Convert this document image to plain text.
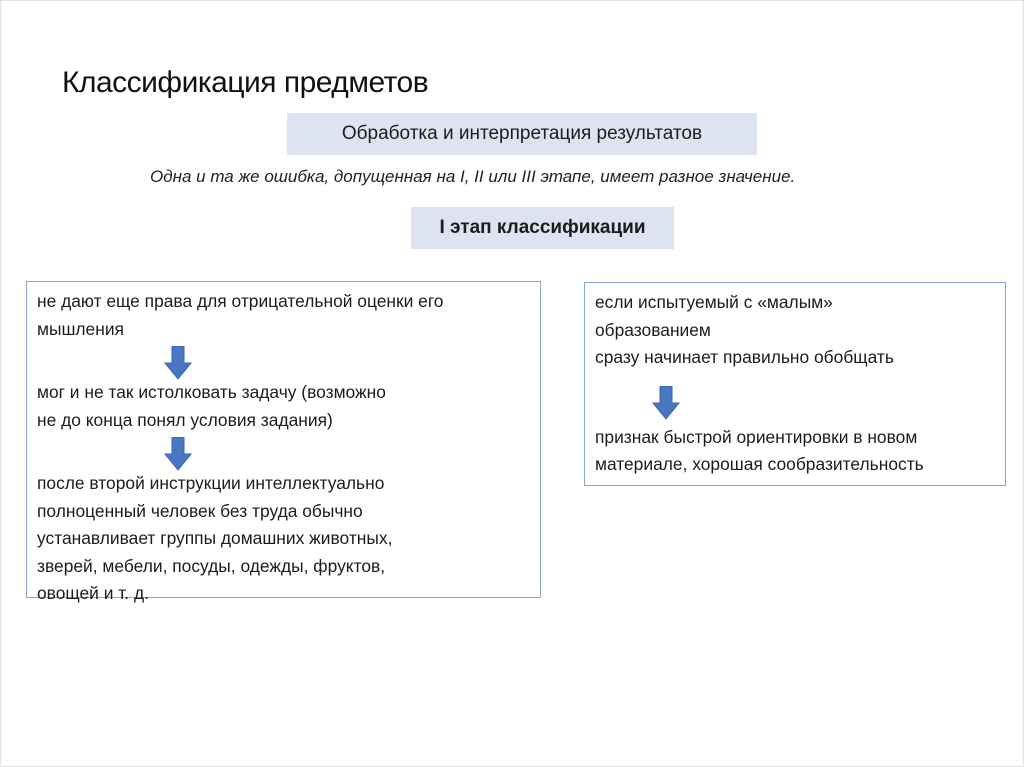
Классификация предметов
Обработка и интерпретация результатов
Одна и та же ошибка, допущенная на I, II или III этапе, имеет разное значение.
I этап классификации
не дают еще права для отрицательной оценки его
мышления
мог и не так истолковать задачу (возможно
не до конца понял условия задания)
после второй инструкции интеллектуально
полноценный человек без труда обычно
устанавливает группы домашних животных,
зверей, мебели, посуды, одежды, фруктов,
овощей и т. д.
если испытуемый с «малым»
образованием
сразу начинает правильно обобщать
признак быстрой ориентировки в новом
материале, хорошая сообразительность
